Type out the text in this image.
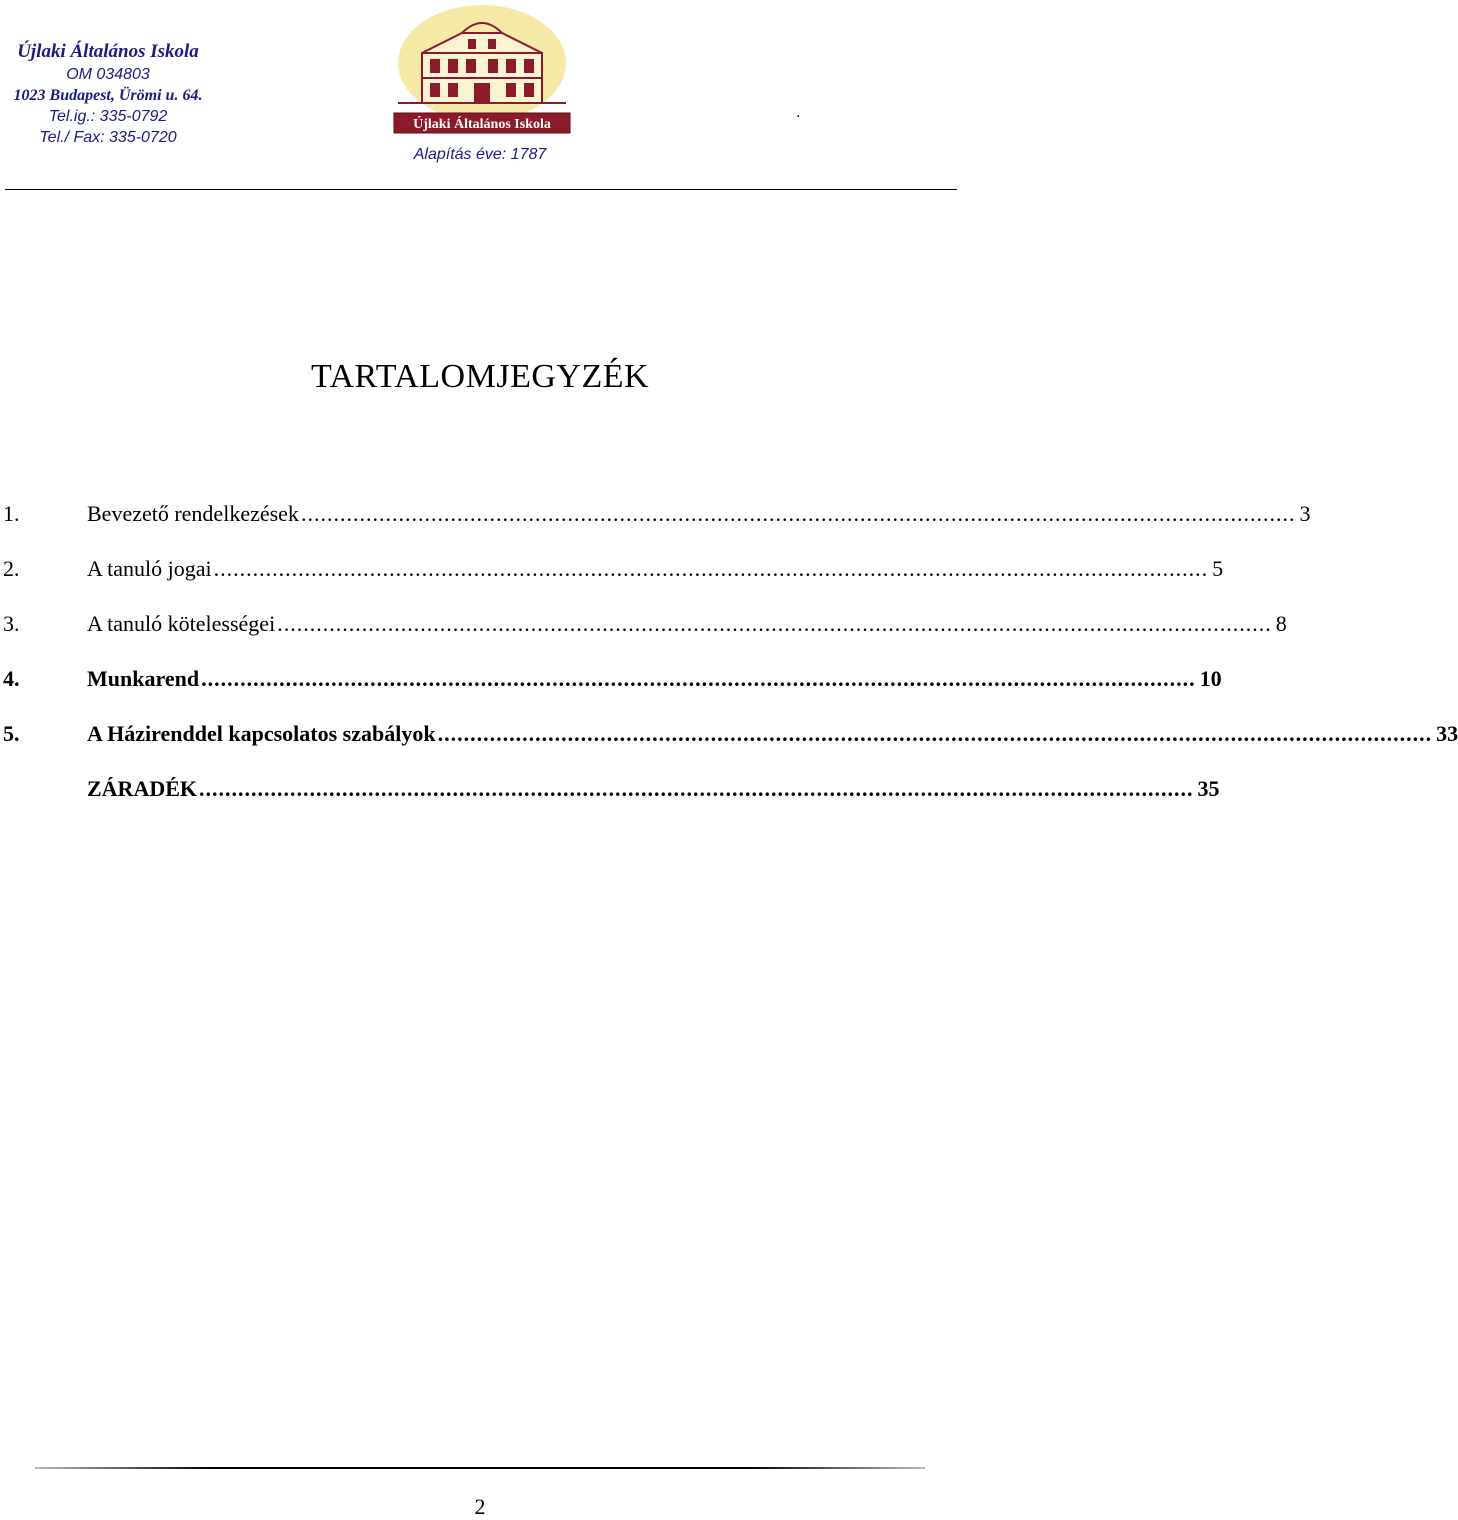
Újlaki Általános Iskola
OM 034803
1023 Budapest, Ürömi u. 64.
Tel.ig.: 335-0792
Tel./ Fax: 335-0720
Újlaki Általános Iskola
Alapítás éve: 1787
.
TARTALOMJEGYZÉK
1.	Bevezető rendelkezések ......................................................................................................................................................... 3
2.	A tanuló jogai ......................................................................................................................................................... 5
3.	A tanuló kötelességei ......................................................................................................................................................... 8
4.	Munkarend ......................................................................................................................................................... 10
5.	A Házirenddel kapcsolatos szabályok ......................................................................................................................................................... 33
ZÁRADÉK ......................................................................................................................................................... 35
2
